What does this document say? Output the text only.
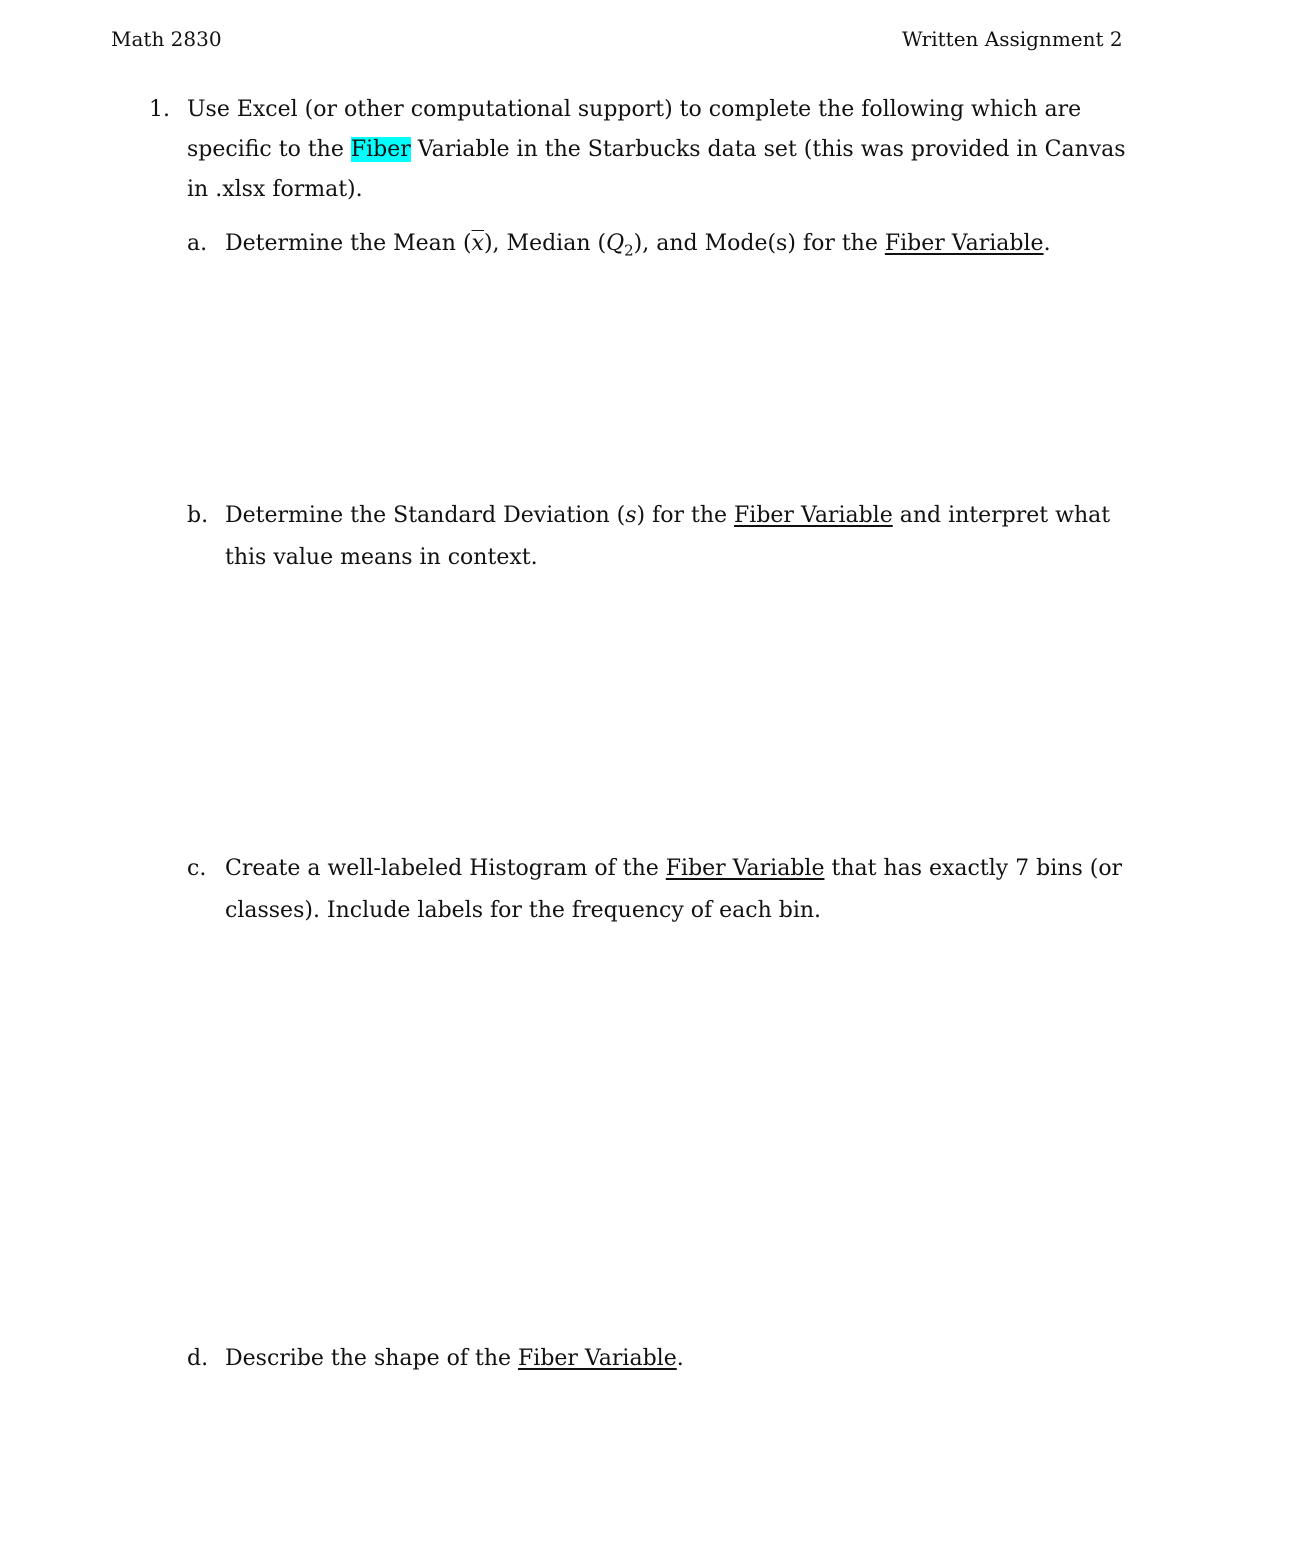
Math 2830	Written Assignment 2
1. Use Excel (or other computational support) to complete the following which are specific to the Fiber Variable in the Starbucks data set (this was provided in Canvas in .xlsx format).
a. Determine the Mean $(\overline{x})$, Median $(Q_2)$, and Mode(s) for the Fiber Variable.
b. Determine the Standard Deviation (s) for the Fiber Variable and interpret what this value means in context.
c. Create a well-labeled Histogram of the Fiber Variable that has exactly 7 bins (or classes). Include labels for the frequency of each bin.
d. Describe the shape of the Fiber Variable.
